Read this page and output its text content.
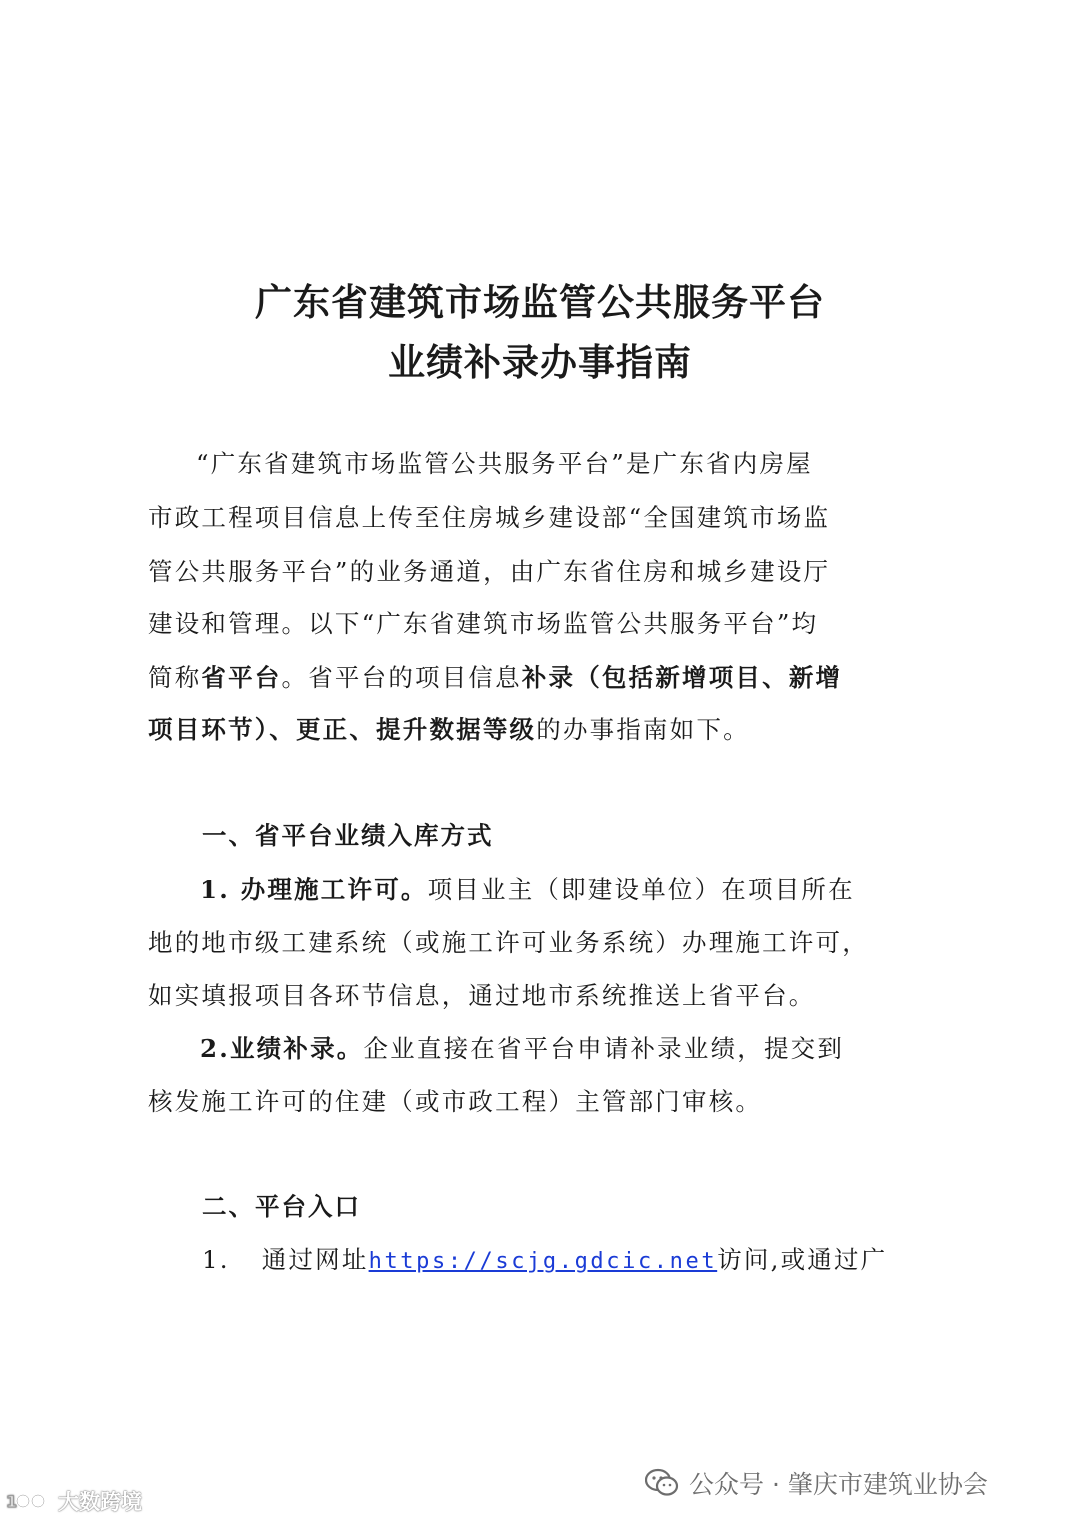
广东省建筑市场监管公共服务平台
业绩补录办事指南
“广东省建筑市场监管公共服务平台”是广东省内房屋
市政工程项目信息上传至住房城乡建设部“全国建筑市场监
管公共服务平台”的业务通道，由广东省住房和城乡建设厅
建设和管理。以下“广东省建筑市场监管公共服务平台”均
简称省平台。省平台的项目信息补录（包括新增项目、新增
项目环节）、更正、提升数据等级的办事指南如下。
一、省平台业绩入库方式
1. 办理施工许可。项目业主（即建设单位）在项目所在
地的地市级工建系统（或施工许可业务系统）办理施工许可，
如实填报项目各环节信息，通过地市系统推送上省平台。
2.业绩补录。企业直接在省平台申请补录业绩，提交到
核发施工许可的住建（或市政工程）主管部门审核。
二、平台入口
1. 通过网址https://scjg.gdcic.net访问,或通过广
公众号 · 肇庆市建筑业协会
1 大数跨境
